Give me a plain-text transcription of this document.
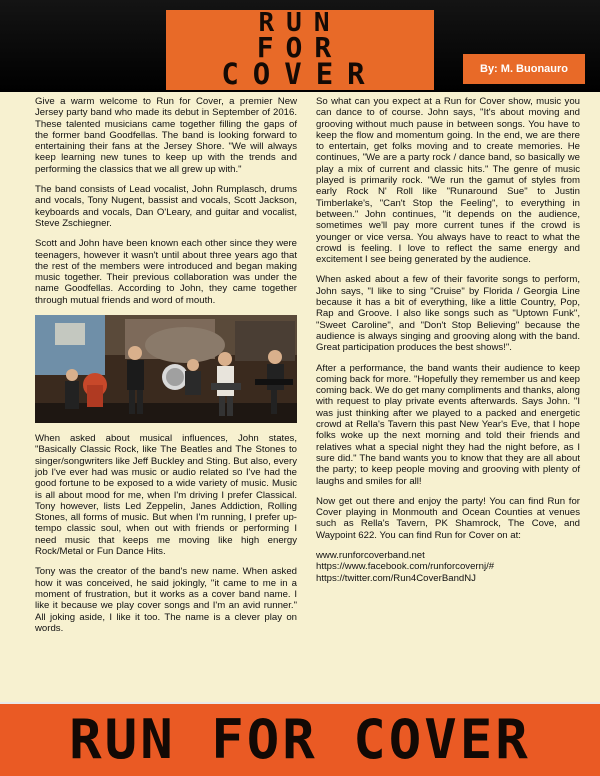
RUN
FOR
COVER	By: M. Buonauro

Give a warm welcome to Run for Cover, a premier New Jersey party band who made its debut in September of 2016. These talented musicians came together filling the gaps of the former band Goodfellas. The band is looking forward to entertaining their fans at the Jersey Shore. "We will always keep learning new tunes to keep up with the trends and performing the classics that we all grew up with."

The band consists of Lead vocalist, John Rumplasch, drums and vocals, Tony Nugent, bassist and vocals, Scott Jackson, keyboards and vocals, Dan O'Leary, and guitar and vocalist, Steve Zschiegner.

Scott and John have been known each other since they were teenagers, however it wasn't until about three years ago that the rest of the members were introduced and began making music together. Their previous collaboration was under the name Goodfellas. According to John, they came together through mutual friends and word of mouth.

When asked about musical influences, John states, "Basically Classic Rock, like The Beatles and The Stones to singer/songwriters like Jeff Buckley and Sting. But also, every job I've ever had was music or audio related so I've had the good fortune to be exposed to a wide variety of music. Music is all about mood for me, when I'm driving I prefer Classical. Tony however, lists Led Zeppelin, Janes Addiction, Rolling Stones, all forms of music. But when I'm running, I prefer up-tempo classic soul, when out with friends or performing I need music that keeps me moving like high energy Rock/Metal or Fun Dance Hits.

Tony was the creator of the band's new name. When asked how it was conceived, he said jokingly, "it came to me in a moment of frustration, but it works as a cover band name. I like it because we play cover songs and I'm an avid runner." All joking aside, I like it too. The name is a clever play on words.

So what can you expect at a Run for Cover show, music you can dance to of course. John says, "It's about moving and grooving without much pause in between songs. You have to keep the flow and momentum going. In the end, we are there to entertain, get folks moving and to create memories. He continues, "We are a party rock / dance band, so basically we play a mix of current and classic hits." The genre of music played is primarily rock. "We run the gamut of styles from early Rock N' Roll like "Runaround Sue" to Justin Timberlake's, "Can't Stop the Feeling", to everything in between." John continues, "it depends on the audience, sometimes we'll pay more current tunes if the crowd is younger or vice versa. You always have to react to what the crowd is feeling. I love to reflect the same energy and excitement I see being generated by the audience.

When asked about a few of their favorite songs to perform, John says, "I like to sing "Cruise" by Florida / Georgia Line because it has a bit of everything, like a little Country, Pop, Rap and Groove. I also like songs such as "Uptown Funk", "Sweet Caroline", and "Don't Stop Believing" because the audience is always singing and grooving along with the band. Great participation produces the best shows!".

After a performance, the band wants their audience to keep coming back for more. "Hopefully they remember us and keep coming back. We do get many compliments and thanks, along with request to play private events afterwards. Says John. "I was just thinking after we played to a packed and energetic crowd at Rella's Tavern this past New Year's Eve, that I hope folks woke up the next morning and told their friends and relatives what a special night they had the night before, as I sure did." The band wants you to know that they are all about the party; to keep people moving and grooving with plenty of laughs and smiles for all!

Now get out there and enjoy the party! You can find Run for Cover playing in Monmouth and Ocean Counties at venues such as Rella's Tavern, PK Shamrock, The Cove, and Waypoint 622. You can find Run for Cover on at:

www.runforcoverband.net
https://www.facebook.com/runforcovernj/#
https://twitter.com/Run4CoverBandNJ
RUN FOR COVER
